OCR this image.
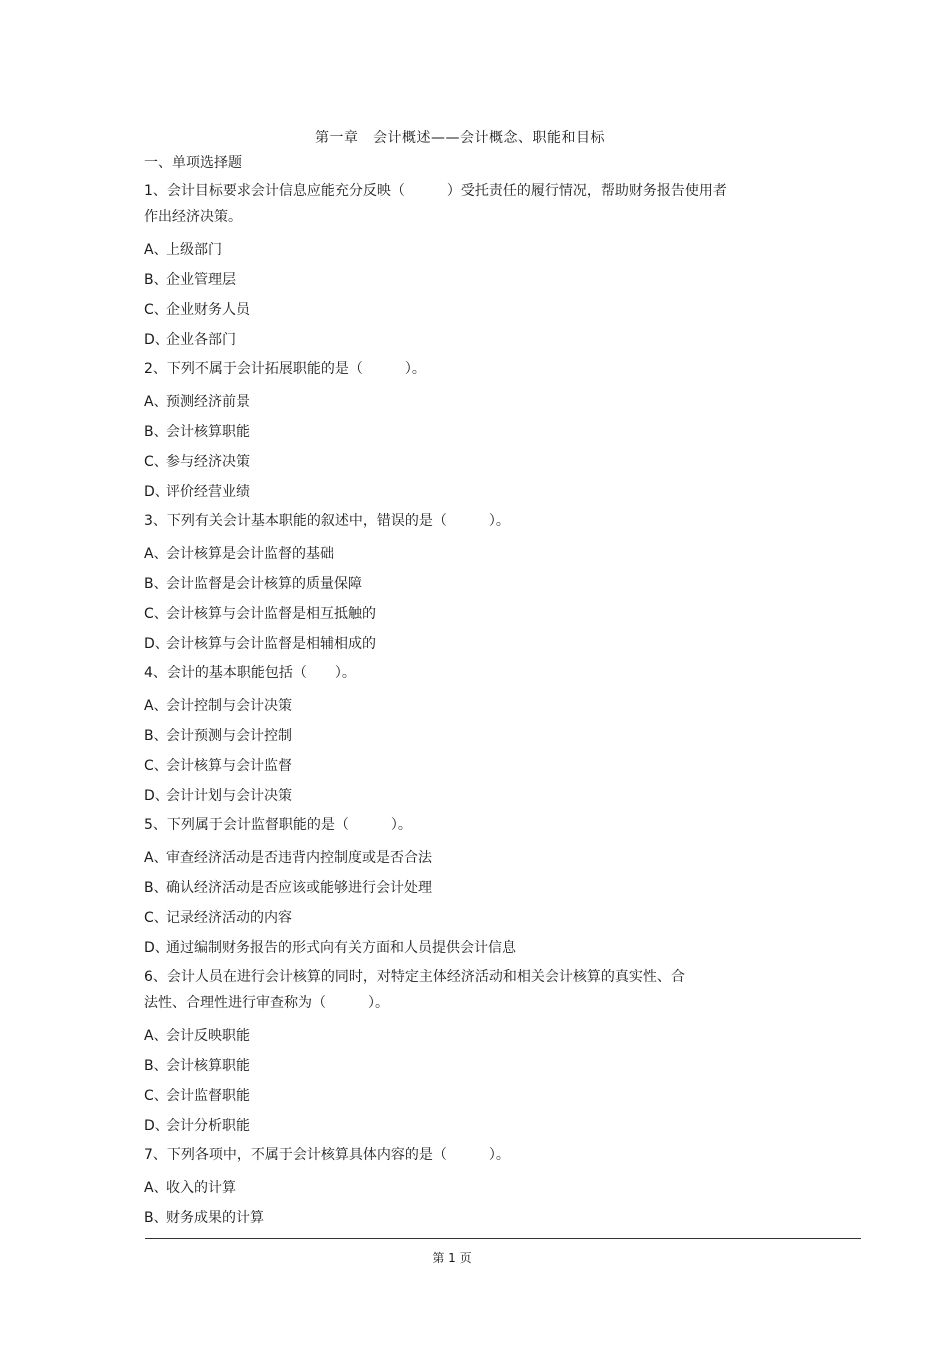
第一章　会计概述——会计概念、职能和目标
一、单项选择题
1、会计目标要求会计信息应能充分反映（　　　）受托责任的履行情况，帮助财务报告使用者
作出经济决策。
A、上级部门
B、企业管理层
C、企业财务人员
D、企业各部门
2、下列不属于会计拓展职能的是（　　　）。
A、预测经济前景
B、会计核算职能
C、参与经济决策
D、评价经营业绩
3、下列有关会计基本职能的叙述中，错误的是（　　　）。
A、会计核算是会计监督的基础
B、会计监督是会计核算的质量保障
C、会计核算与会计监督是相互抵触的
D、会计核算与会计监督是相辅相成的
4、会计的基本职能包括（　　）。
A、会计控制与会计决策
B、会计预测与会计控制
C、会计核算与会计监督
D、会计计划与会计决策
5、下列属于会计监督职能的是（　　　）。
A、审查经济活动是否违背内控制度或是否合法
B、确认经济活动是否应该或能够进行会计处理
C、记录经济活动的内容
D、通过编制财务报告的形式向有关方面和人员提供会计信息
6、会计人员在进行会计核算的同时，对特定主体经济活动和相关会计核算的真实性、合
法性、合理性进行审查称为（　　　）。
A、会计反映职能
B、会计核算职能
C、会计监督职能
D、会计分析职能
7、下列各项中，不属于会计核算具体内容的是（　　　）。
A、收入的计算
B、财务成果的计算
第 1 页
